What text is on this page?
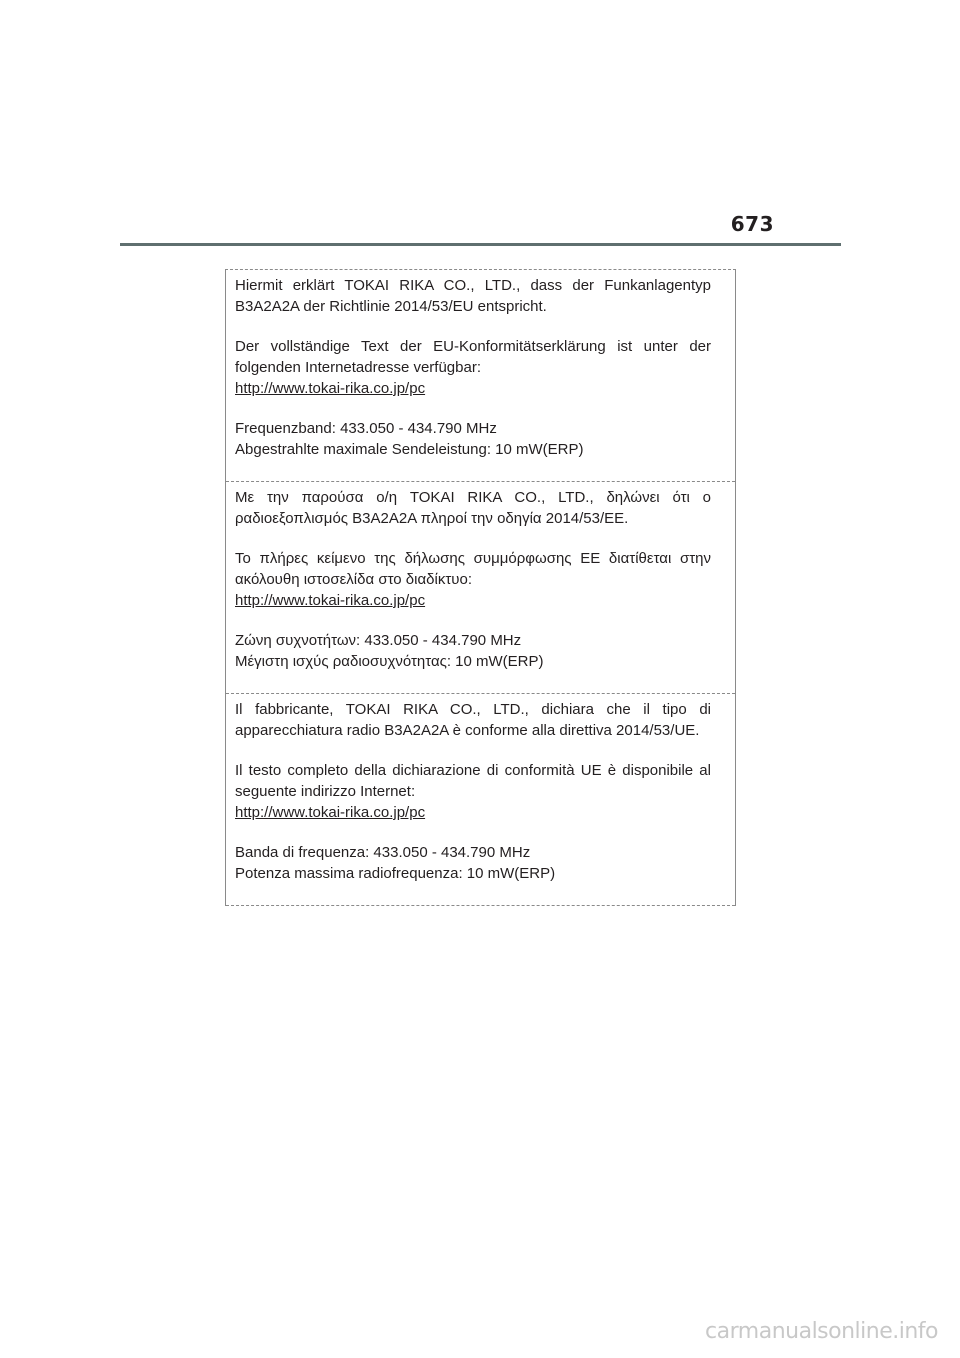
673

Hiermit erklärt TOKAI RIKA CO., LTD., dass der Funkanlagentyp B3A2A2A der Richtlinie 2014/53/EU entspricht.

Der vollständige Text der EU-Konformitätserklärung ist unter der folgenden Internetadresse verfügbar:

http://www.tokai-rika.co.jp/pc

Frequenzband: 433.050 - 434.790 MHz

Abgestrahlte maximale Sendeleistung: 10 mW(ERP)

Με την παρούσα ο/η TOKAI RIKA CO., LTD., δηλώνει ότι ο ραδιοεξοπλισμός B3A2A2A πληροί την οδηγία 2014/53/ΕΕ.

Το πλήρες κείμενο της δήλωσης συμμόρφωσης ΕΕ διατίθεται στην ακόλουθη ιστοσελίδα στο διαδίκτυο:

http://www.tokai-rika.co.jp/pc

Ζώνη συχνοτήτων: 433.050 - 434.790 MHz

Μέγιστη ισχύς ραδιοσυχνότητας: 10 mW(ERP)

Il fabbricante, TOKAI RIKA CO., LTD., dichiara che il tipo di apparecchiatura radio B3A2A2A è conforme alla direttiva 2014/53/UE.

Il testo completo della dichiarazione di conformità UE è disponibile al seguente indirizzo Internet:

http://www.tokai-rika.co.jp/pc

Banda di frequenza: 433.050 - 434.790 MHz

Potenza massima radiofrequenza: 10 mW(ERP)

carmanualsonline.info
